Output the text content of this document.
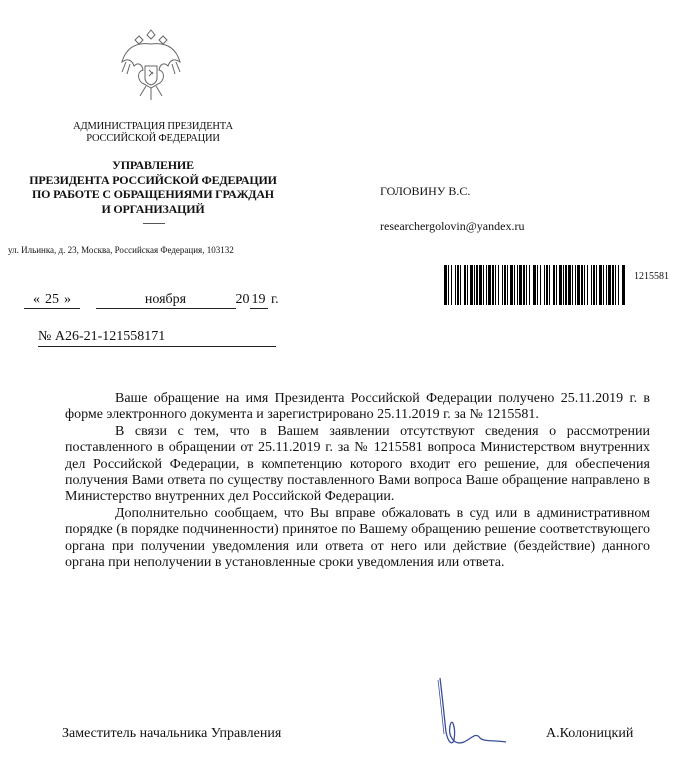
АДМИНИСТРАЦИЯ ПРЕЗИДЕНТА
РОССИЙСКОЙ ФЕДЕРАЦИИ
УПРАВЛЕНИЕ
ПРЕЗИДЕНТА РОССИЙСКОЙ ФЕДЕРАЦИИ
ПО РАБОТЕ С ОБРАЩЕНИЯМИ ГРАЖДАН
И ОРГАНИЗАЦИЙ
ул. Ильинка, д. 23, Москва, Российская Федерация, 103132
ГОЛОВИНУ В.С.
researchergolovin@yandex.ru
1215581
« 25 »	ноября	20 19 г.
№ А26-21-121558171

Ваше обращение на имя Президента Российской Федерации получено 25.11.2019 г. в форме электронного документа и зарегистрировано 25.11.2019 г. за № 1215581.

В связи с тем, что в Вашем заявлении отсутствуют сведения о рассмотрении поставленного в обращении от 25.11.2019 г. за № 1215581 вопроса Министерством внутренних дел Российской Федерации, в компетенцию которого входит его решение, для обеспечения получения Вами ответа по существу поставленного Вами вопроса Ваше обращение направлено в Министерство внутренних дел Российской Федерации.

Дополнительно сообщаем, что Вы вправе обжаловать в суд или в административном порядке (в порядке подчиненности) принятое по Вашему обращению решение соответствующего органа при получении уведомления или ответа от него или действие (бездействие) данного органа при неполучении в установленные сроки уведомления или ответа.

Заместитель начальника Управления	А.Колоницкий
